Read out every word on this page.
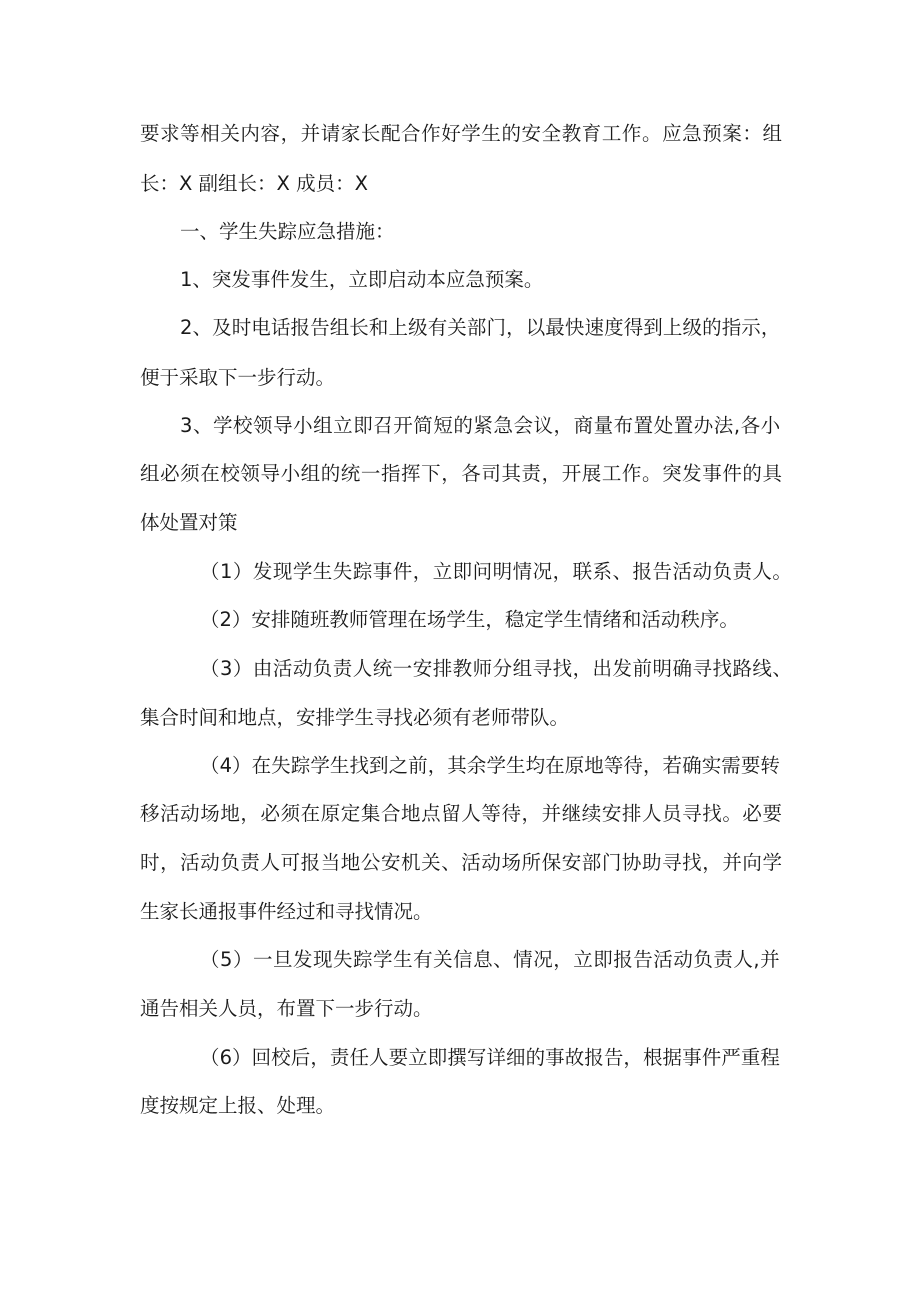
要求等相关内容，并请家长配合作好学生的安全教育工作。应急预案：组
长：X 副组长：X 成员：X
一、学生失踪应急措施：
1、突发事件发生，立即启动本应急预案。
2、及时电话报告组长和上级有关部门，以最快速度得到上级的指示，
便于采取下一步行动。
3、学校领导小组立即召开简短的紧急会议，商量布置处置办法,各小
组必须在校领导小组的统一指挥下，各司其责，开展工作。突发事件的具
体处置对策
（1）发现学生失踪事件，立即问明情况，联系、报告活动负责人。
（2）安排随班教师管理在场学生，稳定学生情绪和活动秩序。
（3）由活动负责人统一安排教师分组寻找，出发前明确寻找路线、
集合时间和地点，安排学生寻找必须有老师带队。
（4）在失踪学生找到之前，其余学生均在原地等待，若确实需要转
移活动场地，必须在原定集合地点留人等待，并继续安排人员寻找。必要
时，活动负责人可报当地公安机关、活动场所保安部门协助寻找，并向学
生家长通报事件经过和寻找情况。
（5）一旦发现失踪学生有关信息、情况，立即报告活动负责人,并
通告相关人员，布置下一步行动。
（6）回校后，责任人要立即撰写详细的事故报告，根据事件严重程
度按规定上报、处理。
